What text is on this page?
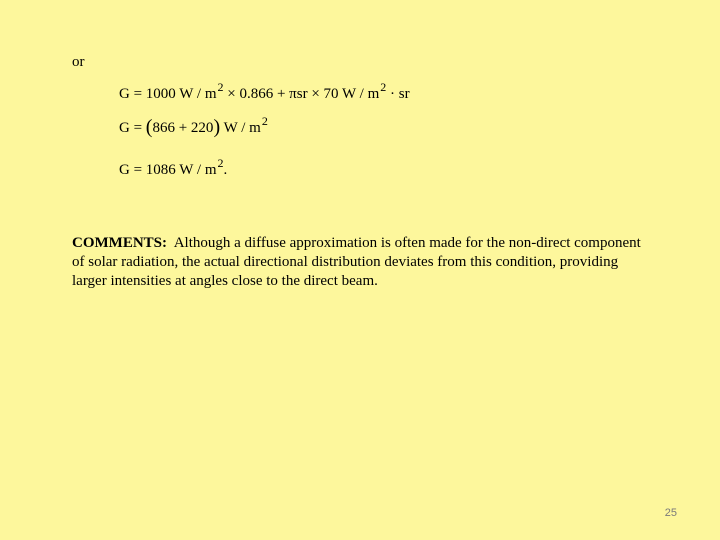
or
G = 1000 $W / m^2 \times 0.866 + \pi sr \times 70$ W / $m^2$ · sr
G = (866 + 220) W / $m^2$
G = 1086 W / $m^2$.
COMMENTS: Although a diffuse approximation is often made for the non-direct component of solar radiation, the actual directional distribution deviates from this condition, providing larger intensities at angles close to the direct beam.
25
